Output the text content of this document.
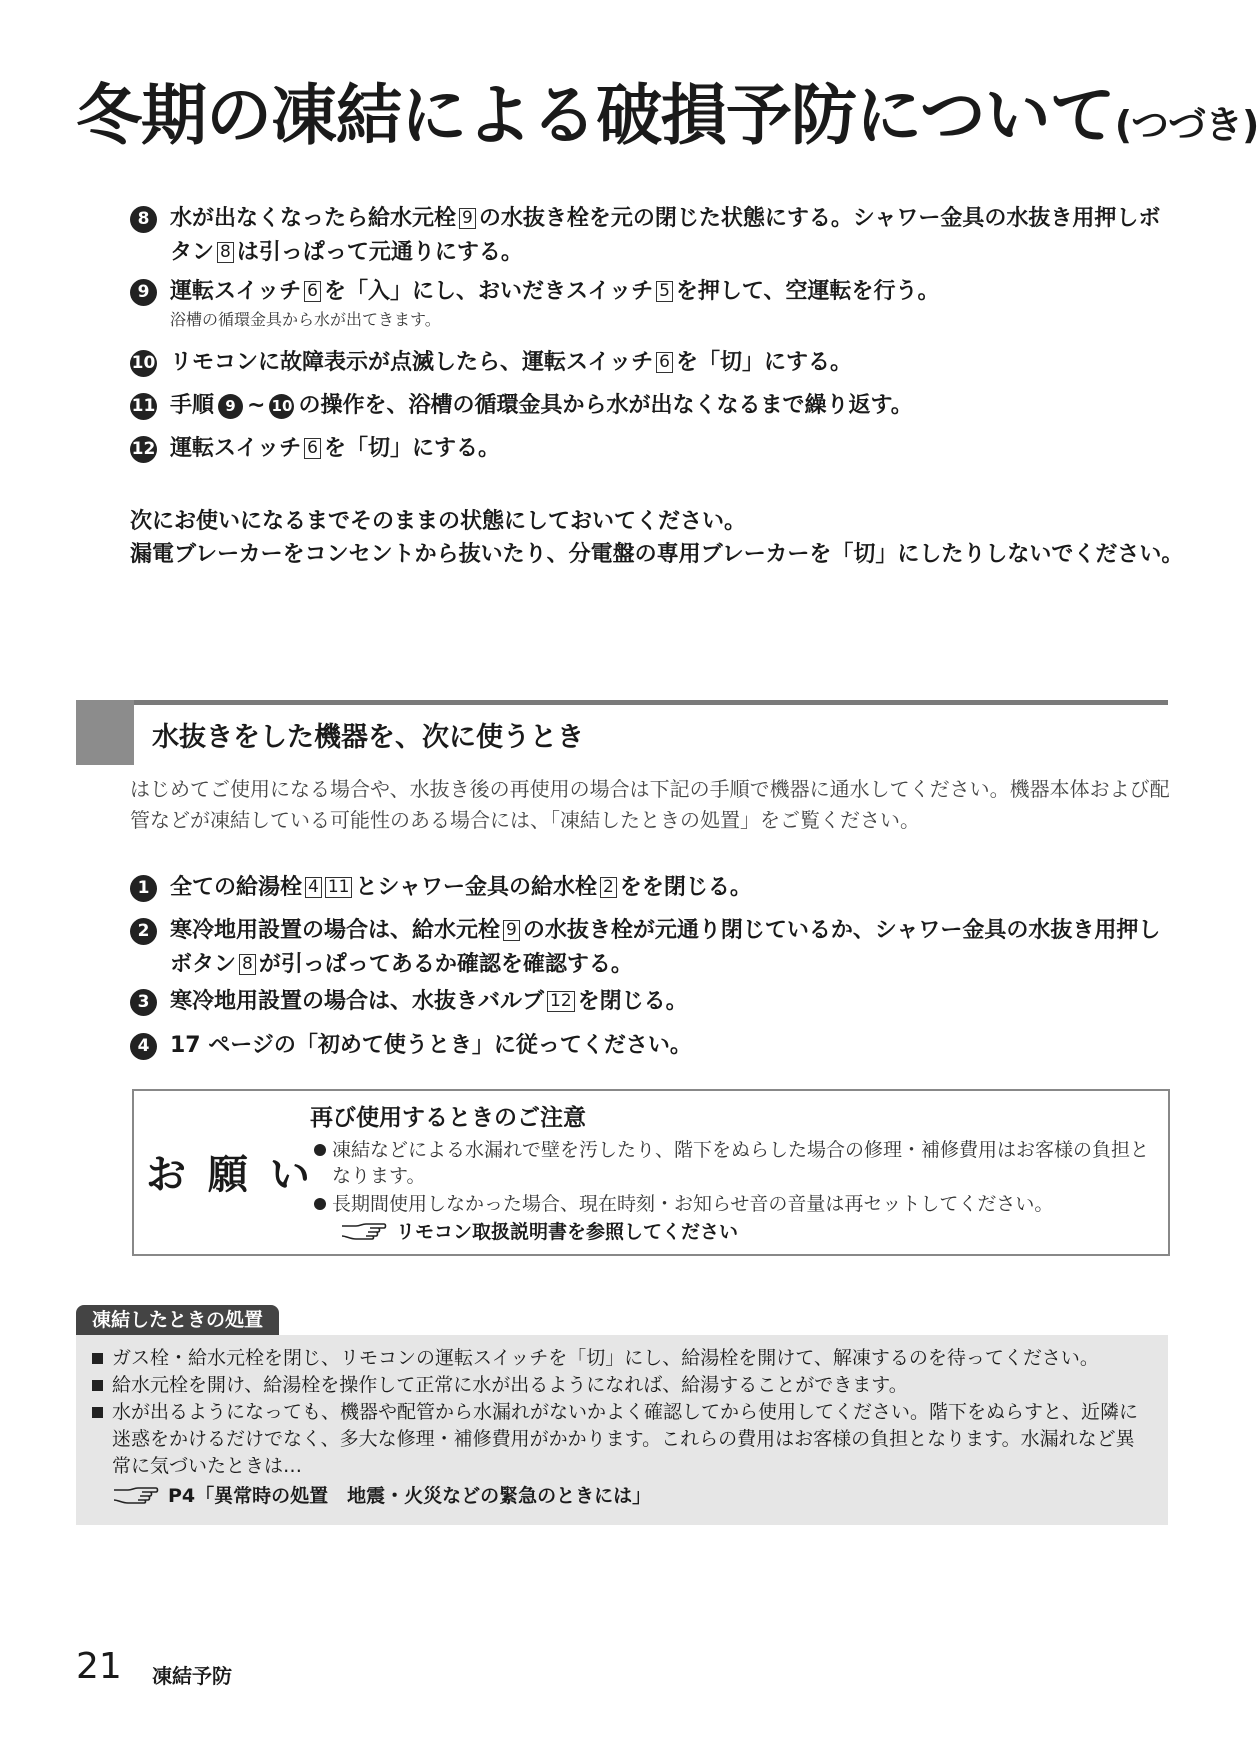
冬期の凍結による破損予防について(つづき)
8 水が出なくなったら給水元栓 9 の水抜き栓を元の閉じた状態にする。シャワー金具の水抜き用押しボタン 8 は引っぱって元通りにする。
9 運転スイッチ 6 を「入」にし、おいだきスイッチ 5 を押して、空運転を行う。
浴槽の循環金具から水が出てきます。
10 リモコンに故障表示が点滅したら、運転スイッチ 6 を「切」にする。
11 手順 9 ~ 10 の操作を、浴槽の循環金具から水が出なくなるまで繰り返す。
12 運転スイッチ 6 を「切」にする。
次にお使いになるまでそのままの状態にしておいてください。
漏電ブレーカーをコンセントから抜いたり、分電盤の専用ブレーカーを「切」にしたりしないでください。
水抜きをした機器を、次に使うとき
はじめてご使用になる場合や、水抜き後の再使用の場合は下記の手順で機器に通水してください。機器本体および配管などが凍結している可能性のある場合には、「凍結したときの処置」をご覧ください。
1 全ての給湯栓 4 11 とシャワー金具の給水栓 2 をを閉じる。
2 寒冷地用設置の場合は、給水元栓 9 の水抜き栓が元通り閉じているか、シャワー金具の水抜き用押しボタン 8 が引っぱってあるか確認を確認する。
3 寒冷地用設置の場合は、水抜きバルブ 12 を閉じる。
4 17 ページの「初めて使うとき」に従ってください。
お 願 い
再び使用するときのご注意
凍結などによる水漏れで壁を汚したり、階下をぬらした場合の修理・補修費用はお客様の負担となります。
長期間使用しなかった場合、現在時刻・お知らせ音の音量は再セットしてください。
リモコン取扱説明書を参照してください
凍結したときの処置
ガス栓・給水元栓を閉じ、リモコンの運転スイッチを「切」にし、給湯栓を開けて、解凍するのを待ってください。
給水元栓を開け、給湯栓を操作して正常に水が出るようになれば、給湯することができます。
水が出るようになっても、機器や配管から水漏れがないかよく確認してから使用してください。階下をぬらすと、近隣に迷惑をかけるだけでなく、多大な修理・補修費用がかかります。これらの費用はお客様の負担となります。水漏れなど異常に気づいたときは…
P4「異常時の処置　地震・火災などの緊急のときには」
21 凍結予防
